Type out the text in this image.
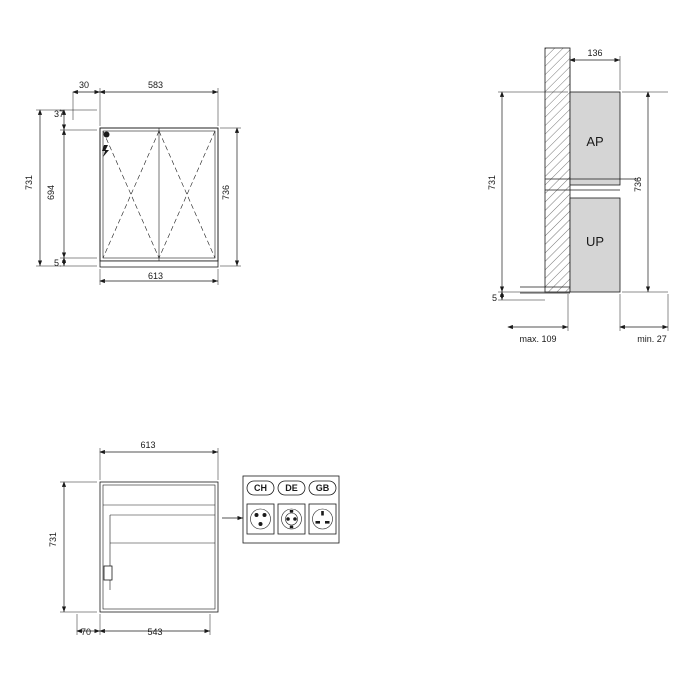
30	583
37
694
5
731
736
613
AP
UP
136
731
5
736
max. 109	min. 27
613
731
70	543
CH DE GB
